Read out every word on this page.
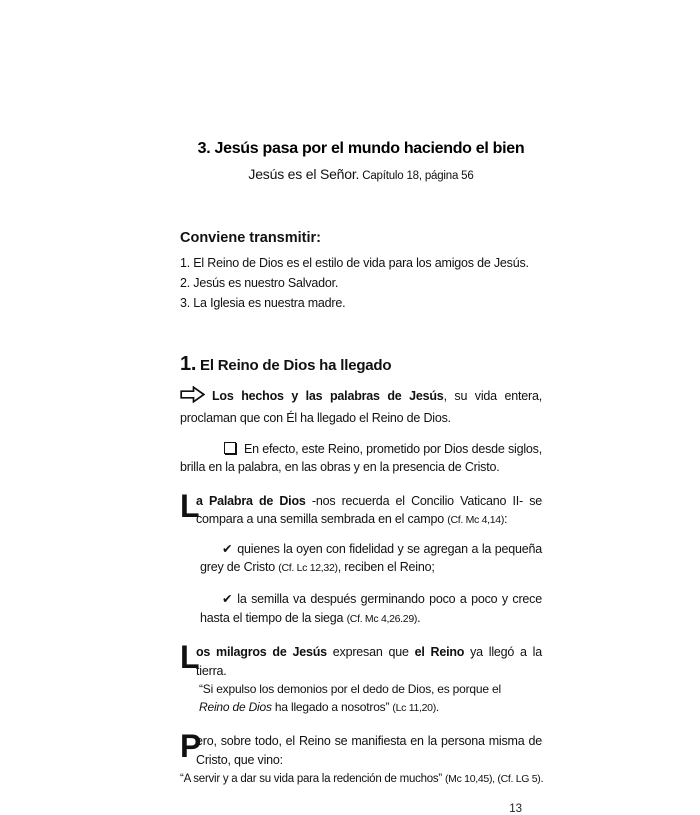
3. Jesús pasa por el mundo haciendo el bien
Jesús es el Señor. Capítulo 18, página 56

Conviene transmitir:

1. El Reino de Dios es el estilo de vida para los amigos de Jesús.
2. Jesús es nuestro Salvador.
3. La Iglesia es nuestra madre.
1. El Reino de Dios ha llegado

Los hechos y las palabras de Jesús, su vida entera, proclaman que con Él ha llegado el Reino de Dios.

En efecto, este Reino, prometido por Dios desde siglos, brilla en la palabra, en las obras y en la presencia de Cristo.

L
a Palabra de Dios -nos recuerda el Concilio Vaticano II- se compara a una semilla sembrada en el campo (Cf. Mc 4,14):

✔ quienes la oyen con fidelidad y se agregan a la pequeña grey de Cristo (Cf. Lc 12,32), reciben el Reino;

✔ la semilla va después germinando poco a poco y crece hasta el tiempo de la siega (Cf. Mc 4,26.29).

L
os milagros de Jesús expresan que el Reino ya llegó a la tierra.
“Si expulso los demonios por el dedo de Dios, es porque el Reino de Dios ha llegado a nosotros” (Lc 11,20).
P
ero, sobre todo, el Reino se manifiesta en la persona misma de Cristo, que vino:
“A servir y a dar su vida para la redención de muchos” (Mc 10,45), (Cf. LG 5).
13
